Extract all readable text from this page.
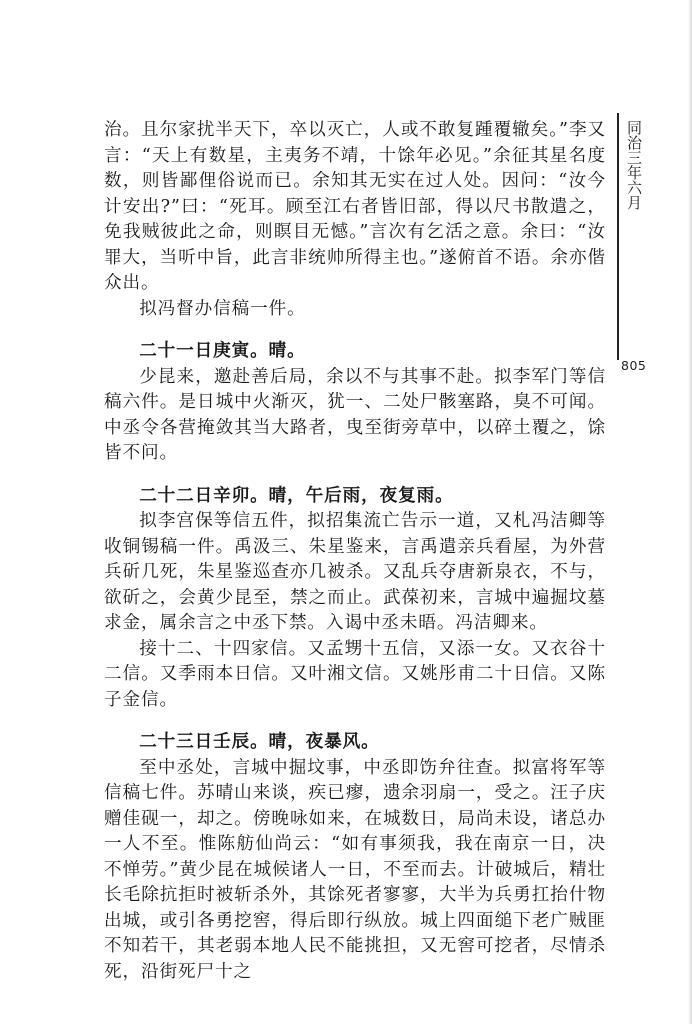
同治三年六月
805

治。且尔家扰半天下，卒以灭亡，人或不敢复踵覆辙矣。”李又言：“天上有数星，主夷务不靖，十馀年必见。”余征其星名度数，则皆鄙俚俗说而已。余知其无实在过人处。因问：“汝今计安出?”曰：“死耳。顾至江右者皆旧部，得以尺书散遣之，免我贼彼此之命，则瞑目无憾。”言次有乞活之意。余曰：“汝罪大，当听中旨，此言非统帅所得主也。”遂俯首不语。余亦偕众出。

拟冯督办信稿一件。

二十一日庚寅。晴。

少昆来，邀赴善后局，余以不与其事不赴。拟李军门等信稿六件。是日城中火渐灭，犹一、二处尸骸塞路，臭不可闻。中丞令各营掩敛其当大路者，曳至街旁草中，以碎土覆之，馀皆不问。

二十二日辛卯。晴，午后雨，夜复雨。

拟李宫保等信五件，拟招集流亡告示一道，又札冯洁卿等收铜锡稿一件。禹汲三、朱星鉴来，言禹遣亲兵看屋，为外营兵斫几死，朱星鉴巡查亦几被杀。又乱兵夺唐新泉衣，不与，欲斫之，会黄少昆至，禁之而止。武葆初来，言城中遍掘坟墓求金，属余言之中丞下禁。入谒中丞未晤。冯洁卿来。

接十二、十四家信。又孟甥十五信，又添一女。又衣谷十二信。又季雨本日信。又叶湘文信。又姚彤甫二十日信。又陈子金信。

二十三日壬辰。晴，夜暴风。

至中丞处，言城中掘坟事，中丞即饬弁往查。拟富将军等信稿七件。苏晴山来谈，疾已瘳，遗余羽扇一，受之。汪子庆赠佳砚一，却之。傍晚咏如来，在城数日，局尚未设，诸总办一人不至。惟陈舫仙尚云：“如有事须我，我在南京一日，决不惮劳。”黄少昆在城候诸人一日，不至而去。计破城后，精壮长毛除抗拒时被斩杀外，其馀死者寥寥，大半为兵勇扛抬什物出城，或引各勇挖窖，得后即行纵放。城上四面缒下老广贼匪不知若干，其老弱本地人民不能挑担，又无窖可挖者，尽情杀死，沿街死尸十之
